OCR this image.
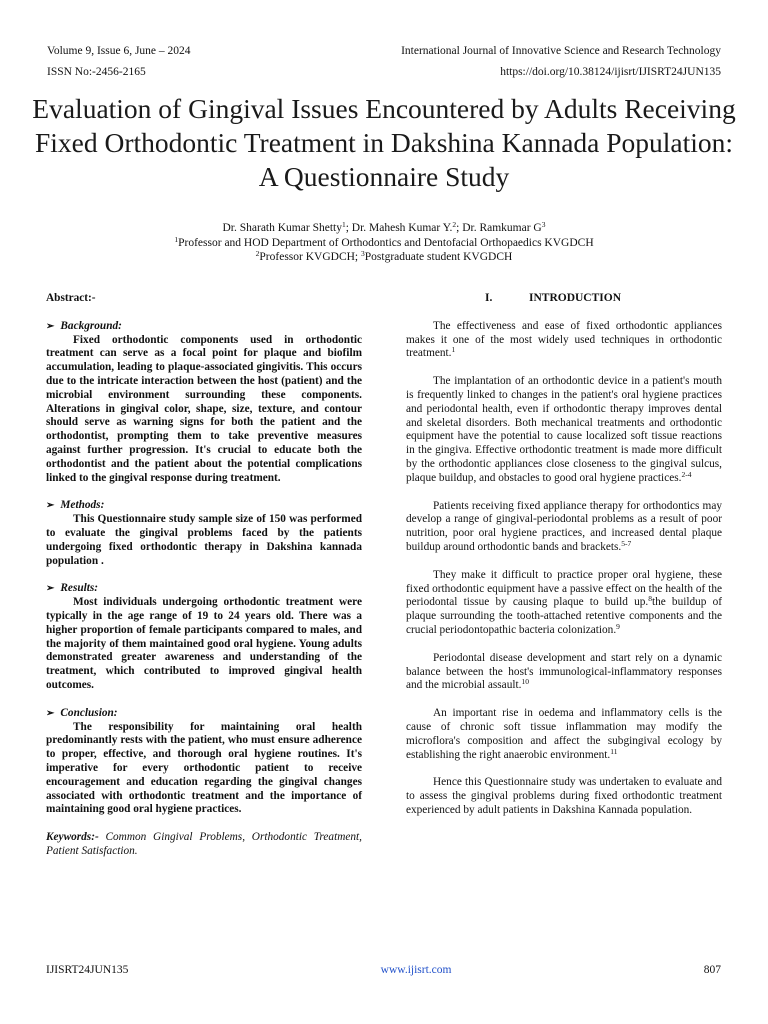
Volume 9, Issue 6, June – 2024	International Journal of Innovative Science and Research Technology
ISSN No:-2456-2165	https://doi.org/10.38124/ijisrt/IJISRT24JUN135
Evaluation of Gingival Issues Encountered by Adults Receiving Fixed Orthodontic Treatment in Dakshina Kannada Population: A Questionnaire Study
Dr. Sharath Kumar Shetty$^1$; Dr. Mahesh Kumar Y.$^2$; Dr. Ramkumar $G^3$
$^1$Professor and HOD Department of Orthodontics and Dentofacial Orthopaedics KVGDCH
$^2$Professor KVGDCH; $^3$Postgraduate student KVGDCH
Abstract:-
➢ Background:

Fixed orthodontic components used in orthodontic treatment can serve as a focal point for plaque and biofilm accumulation, leading to plaque-associated gingivitis. This occurs due to the intricate interaction between the host (patient) and the microbial environment surrounding these components. Alterations in gingival color, shape, size, texture, and contour should serve as warning signs for both the patient and the orthodontist, prompting them to take preventive measures against further progression. It's crucial to educate both the orthodontist and the patient about the potential complications linked to the gingival response during treatment.

➢ Methods:

This Questionnaire study sample size of 150 was performed to evaluate the gingival problems faced by the patients undergoing fixed orthodontic therapy in Dakshina kannada population .

➢ Results:

Most individuals undergoing orthodontic treatment were typically in the age range of 19 to 24 years old. There was a higher proportion of female participants compared to males, and the majority of them maintained good oral hygiene. Young adults demonstrated greater awareness and understanding of the treatment, which contributed to improved gingival health outcomes.

➢ Conclusion:

The responsibility for maintaining oral health predominantly rests with the patient, who must ensure adherence to proper, effective, and thorough oral hygiene routines. It's imperative for every orthodontic patient to receive encouragement and education regarding the gingival changes associated with orthodontic treatment and the importance of maintaining good oral hygiene practices.

Keywords:- Common Gingival Problems, Orthodontic Treatment, Patient Satisfaction.

I.	INTRODUCTION

The effectiveness and ease of fixed orthodontic appliances makes it one of the most widely used techniques in orthodontic treatment.$^1$

The implantation of an orthodontic device in a patient's mouth is frequently linked to changes in the patient's oral hygiene practices and periodontal health, even if orthodontic therapy improves dental and skeletal disorders. Both mechanical treatments and orthodontic equipment have the potential to cause localized soft tissue reactions in the gingiva. Effective orthodontic treatment is made more difficult by the orthodontic appliances close closeness to the gingival sulcus, plaque buildup, and obstacles to good oral hygiene practices.$^{2-4}$

Patients receiving fixed appliance therapy for orthodontics may develop a range of gingival-periodontal problems as a result of poor nutrition, poor oral hygiene practices, and increased dental plaque buildup around orthodontic bands and brackets.$^{5-7}$

They make it difficult to practice proper oral hygiene, these fixed orthodontic equipment have a passive effect on the health of the periodontal tissue by causing plaque to build up.$^8$the buildup of plaque surrounding the tooth-attached retentive components and the crucial periodontopathic bacteria colonization.$^9$

Periodontal disease development and start rely on a dynamic balance between the host's immunological-inflammatory responses and the microbial assault.$^{10}$

An important rise in oedema and inflammatory cells is the cause of chronic soft tissue inflammation may modify the microflora's composition and affect the subgingival ecology by establishing the right anaerobic environment.$^{11}$

Hence this Questionnaire study was undertaken to evaluate and to assess the gingival problems during fixed orthodontic treatment experienced by adult patients in Dakshina Kannada population.

IJISRT24JUN135	www.ijisrt.com	807
